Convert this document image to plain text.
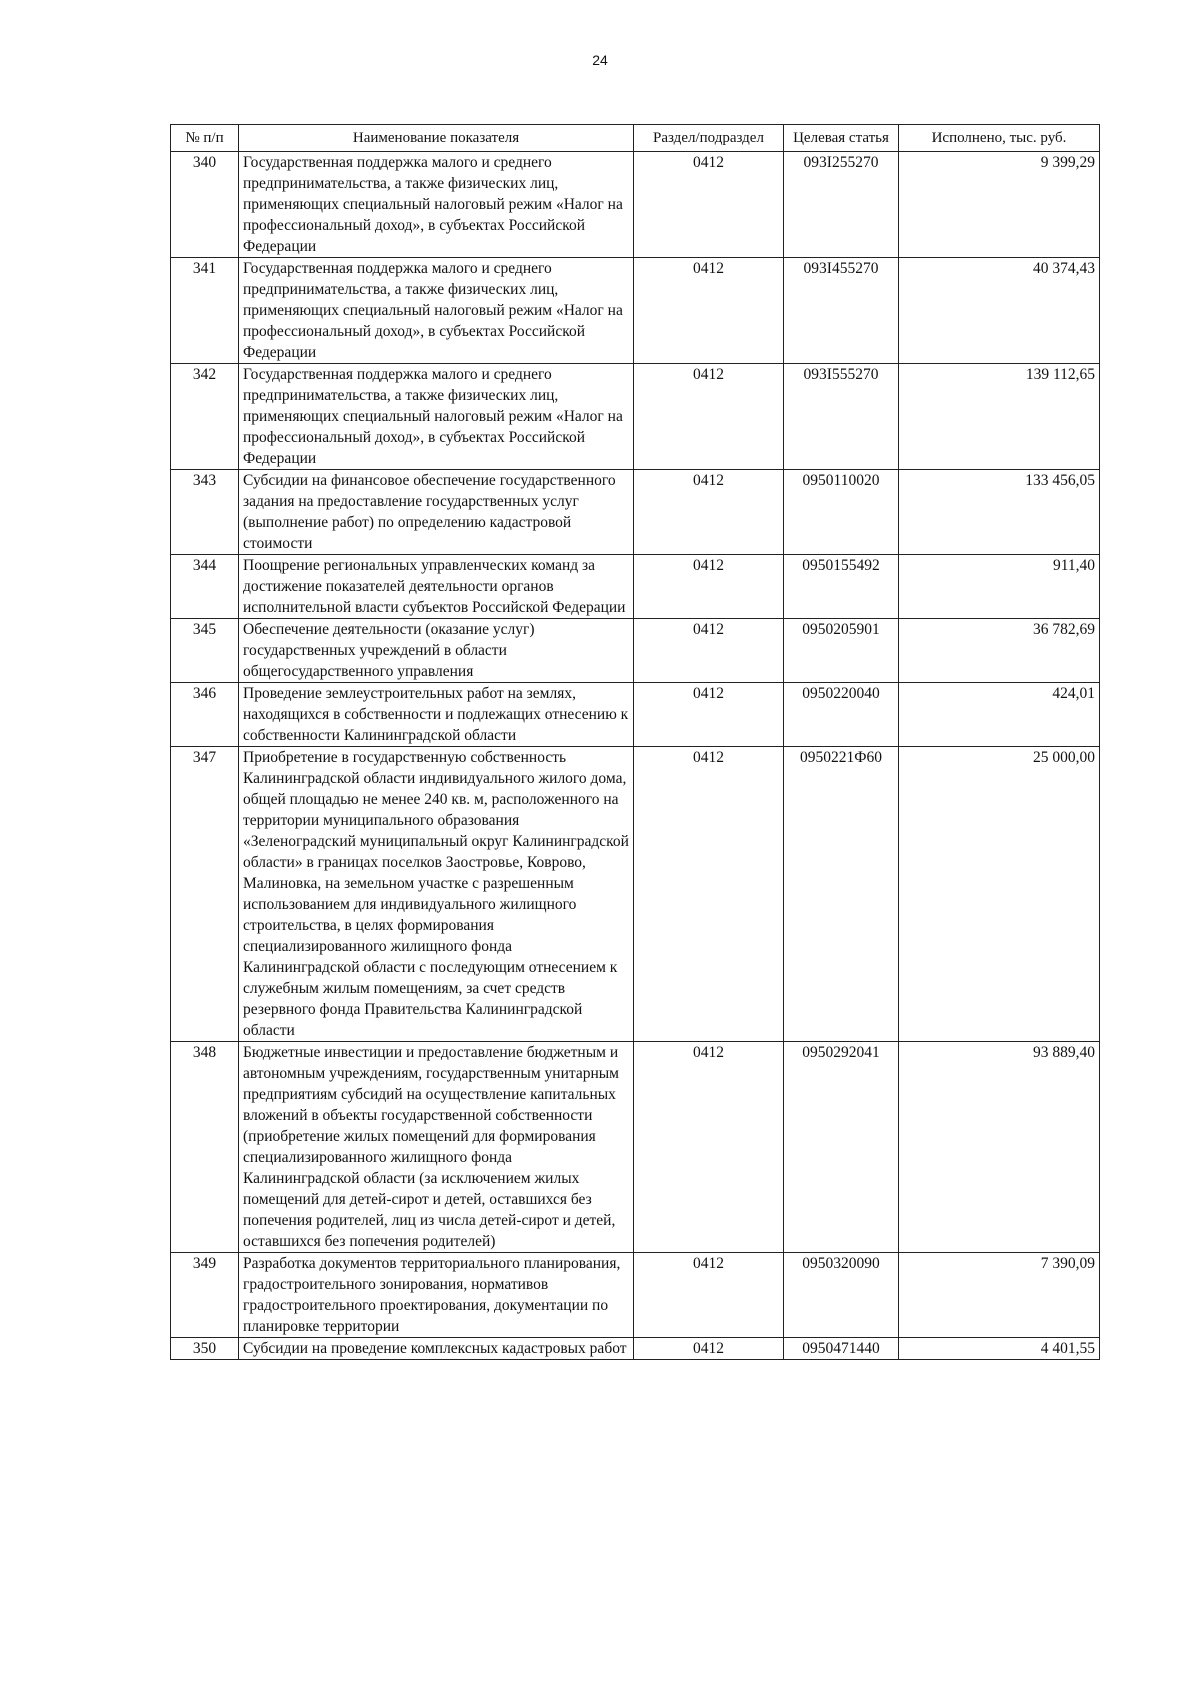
24
№ п/п	Наименование показателя	Раздел/подраздел	Целевая статья	Исполнено, тыс. руб.
340	Государственная поддержка малого и среднего предпринимательства, а также физических лиц, применяющих специальный налоговый режим «Налог на профессиональный доход», в субъектах Российской Федерации	0412	093I255270	9 399,29
341	Государственная поддержка малого и среднего предпринимательства, а также физических лиц, применяющих специальный налоговый режим «Налог на профессиональный доход», в субъектах Российской Федерации	0412	093I455270	40 374,43
342	Государственная поддержка малого и среднего предпринимательства, а также физических лиц, применяющих специальный налоговый режим «Налог на профессиональный доход», в субъектах Российской Федерации	0412	093I555270	139 112,65
343	Субсидии на финансовое обеспечение государственного задания на предоставление государственных услуг (выполнение работ) по определению кадастровой стоимости	0412	0950110020	133 456,05
344	Поощрение региональных управленческих команд за достижение показателей деятельности органов исполнительной власти субъектов Российской Федерации	0412	0950155492	911,40
345	Обеспечение деятельности (оказание услуг) государственных учреждений в области общегосударственного управления	0412	0950205901	36 782,69
346	Проведение землеустроительных работ на землях, находящихся в собственности и подлежащих отнесению к собственности Калининградской области	0412	0950220040	424,01
347	Приобретение в государственную собственность Калининградской области индивидуального жилого дома, общей площадью не менее 240 кв. м, расположенного на территории муниципального образования «Зеленоградский муниципальный округ Калининградской области» в границах поселков Заостровье, Коврово, Малиновка, на земельном участке с разрешенным использованием для индивидуального жилищного строительства, в целях формирования специализированного жилищного фонда Калининградской области с последующим отнесением к служебным жилым помещениям, за счет средств резервного фонда Правительства Калининградской области	0412	0950221Ф60	25 000,00
348	Бюджетные инвестиции и предоставление бюджетным и автономным учреждениям, государственным унитарным предприятиям субсидий на осуществление капитальных вложений в объекты государственной собственности (приобретение жилых помещений для формирования специализированного жилищного фонда Калининградской области (за исключением жилых помещений для детей-сирот и детей, оставшихся без попечения родителей, лиц из числа детей-сирот и детей, оставшихся без попечения родителей)	0412	0950292041	93 889,40
349	Разработка документов территориального планирования, градостроительного зонирования, нормативов градостроительного проектирования, документации по планировке территории	0412	0950320090	7 390,09
350	Субсидии на проведение комплексных кадастровых работ	0412	0950471440	4 401,55
